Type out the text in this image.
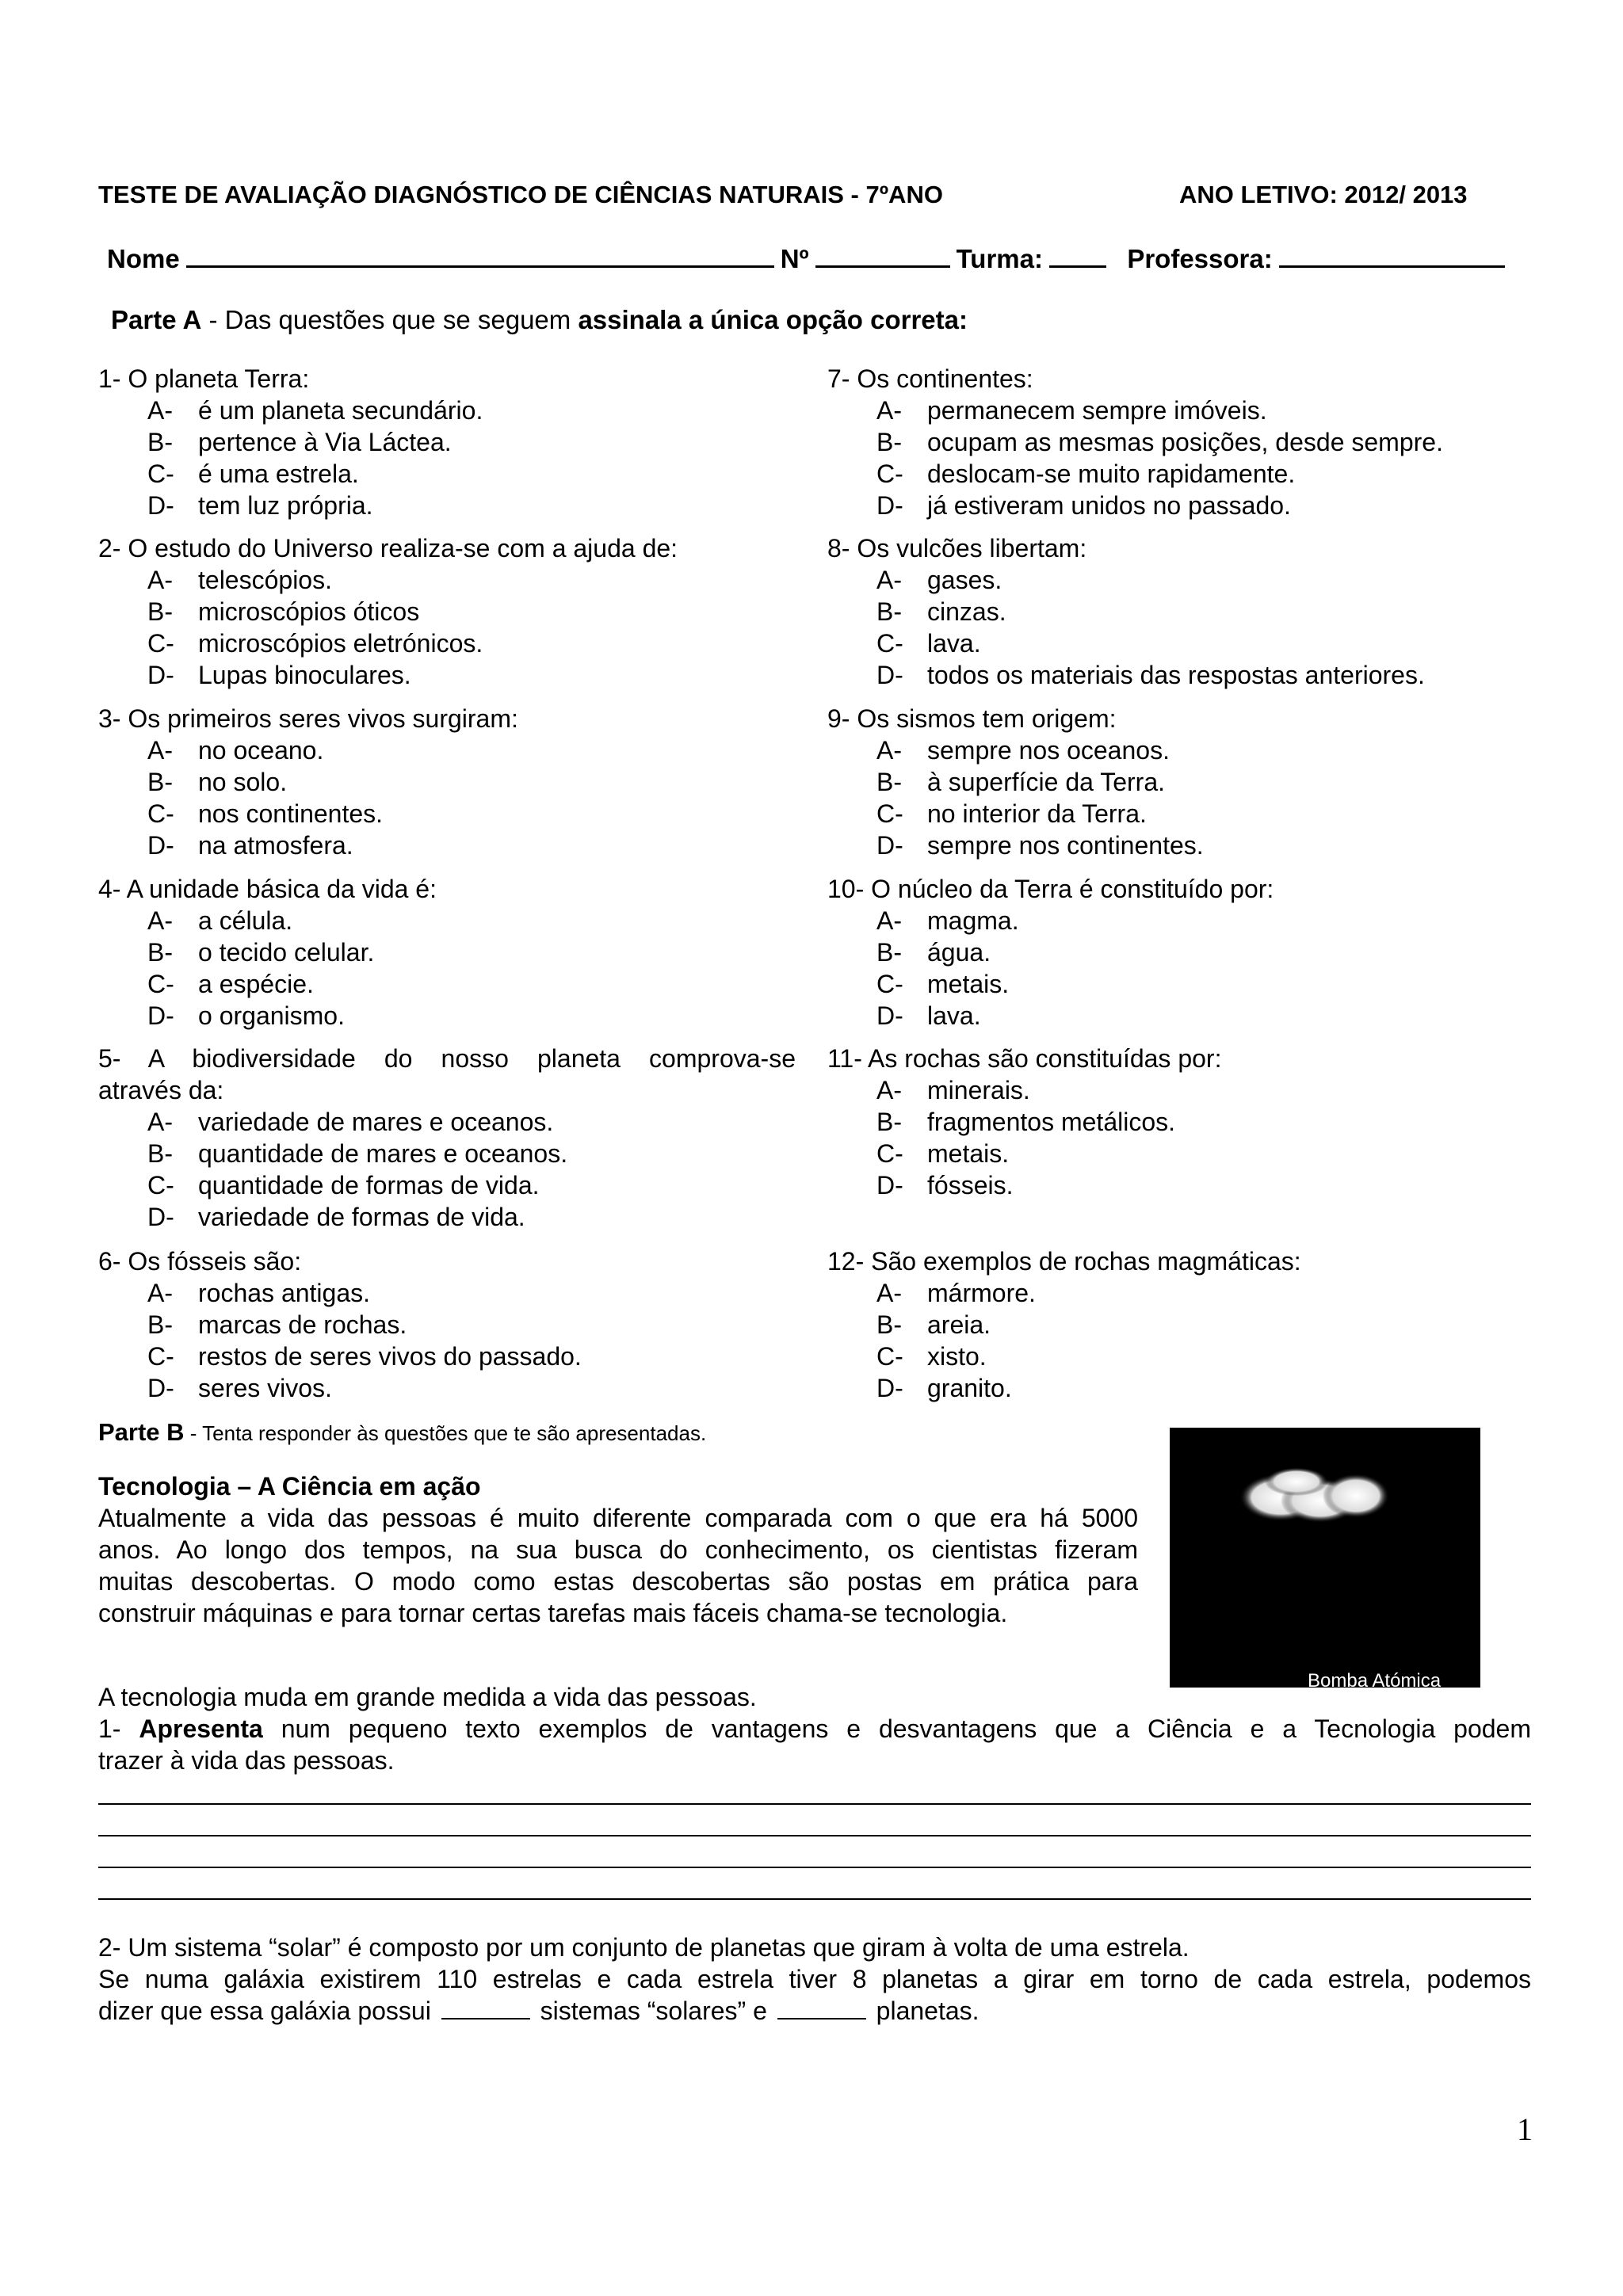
TESTE DE AVALIAÇÃO DIAGNÓSTICO DE CIÊNCIAS NATURAIS - 7ºANO	ANO LETIVO: 2012/ 2013
Nome	Nº	Turma:	Professora:
Parte A - Das questões que se seguem assinala a única opção correta:

1- O planeta Terra:

A-	é um planeta secundário.
B-	pertence à Via Láctea.
C- é uma estrela.
D- tem luz própria.

2- O estudo do Universo realiza-se com a ajuda de:

A-	telescópios.
B-	microscópios óticos
C- microscópios eletrónicos.
D- Lupas binoculares.

3- Os primeiros seres vivos surgiram:

A-	no oceano.
B-	no solo.
C- nos continentes.
D- na atmosfera.

4- A unidade básica da vida é:

A-	a célula.
B-	o tecido celular.
C- a espécie.
D- o organismo.

5- A biodiversidade do nosso planeta comprova-se

através da:

A-	variedade de mares e oceanos.
B-	quantidade de mares e oceanos.
C- quantidade de formas de vida.
D- variedade de formas de vida.

6- Os fósseis são:

A-	rochas antigas.
B-	marcas de rochas.
C- restos de seres vivos do passado.
D- seres vivos.

7- Os continentes:

A-	permanecem sempre imóveis.
B-	ocupam as mesmas posições, desde sempre.
C- deslocam-se muito rapidamente.
D- já estiveram unidos no passado.

8- Os vulcões libertam:

A-	gases.
B-	cinzas.
C- lava.
D- todos os materiais das respostas anteriores.

9- Os sismos tem origem:

A-	sempre nos oceanos.
B-	à superfície da Terra.
C- no interior da Terra.
D- sempre nos continentes.

10- O núcleo da Terra é constituído por:

A-	magma.
B-	água.
C- metais.
D- lava.

11- As rochas são constituídas por:

A-	minerais.
B-	fragmentos metálicos.
C- metais.
D- fósseis.

12- São exemplos de rochas magmáticas:

A-	mármore.
B-	areia.
C- xisto.
D- granito.
Parte B - Tenta responder às questões que te são apresentadas.
Tecnologia – A Ciência em ação
Atualmente a vida das pessoas é muito diferente comparada com o que era há 5000
anos. Ao longo dos tempos, na sua busca do conhecimento, os cientistas fizeram
muitas descobertas. O modo como estas descobertas são postas em prática para
construir máquinas e para tornar certas tarefas mais fáceis chama-se tecnologia.
Bomba Atómica
Bomba atómica.
A tecnologia muda em grande medida a vida das pessoas.
1- Apresenta num pequeno texto exemplos de vantagens e desvantagens que a Ciência e a Tecnologia podem
trazer à vida das pessoas.
2- Um sistema “solar” é composto por um conjunto de planetas que giram à volta de uma estrela.
Se numa galáxia existirem 110 estrelas e cada estrela tiver 8 planetas a girar em torno de cada estrela, podemos
dizer que essa galáxia possui	sistemas “solares” e	planetas.
1
